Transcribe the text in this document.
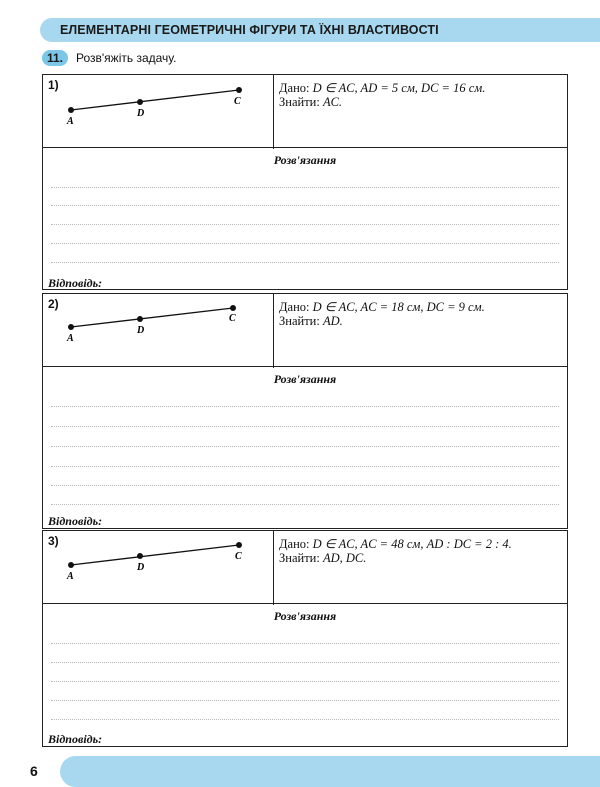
ЕЛЕМЕНТАРНІ ГЕОМЕТРИЧНІ ФІГУРИ ТА ЇХНІ ВЛАСТИВОСТІ
11.	Розв'яжіть задачу.
1)
A
D
C
Дано: D ∈ AC, AD = 5 см, DC = 16 см.
Знайти: AC.
Розв'язання
Відповідь:
2)
A
D
C
Дано: D ∈ AC, AC = 18 см, DC = 9 см.
Знайти: AD.
Розв'язання
Відповідь:
3)
A
D
C
Дано: D ∈ AC, AC = 48 см, AD : DC = 2 : 4.
Знайти: AD, DC.
Розв'язання
Відповідь:
6
